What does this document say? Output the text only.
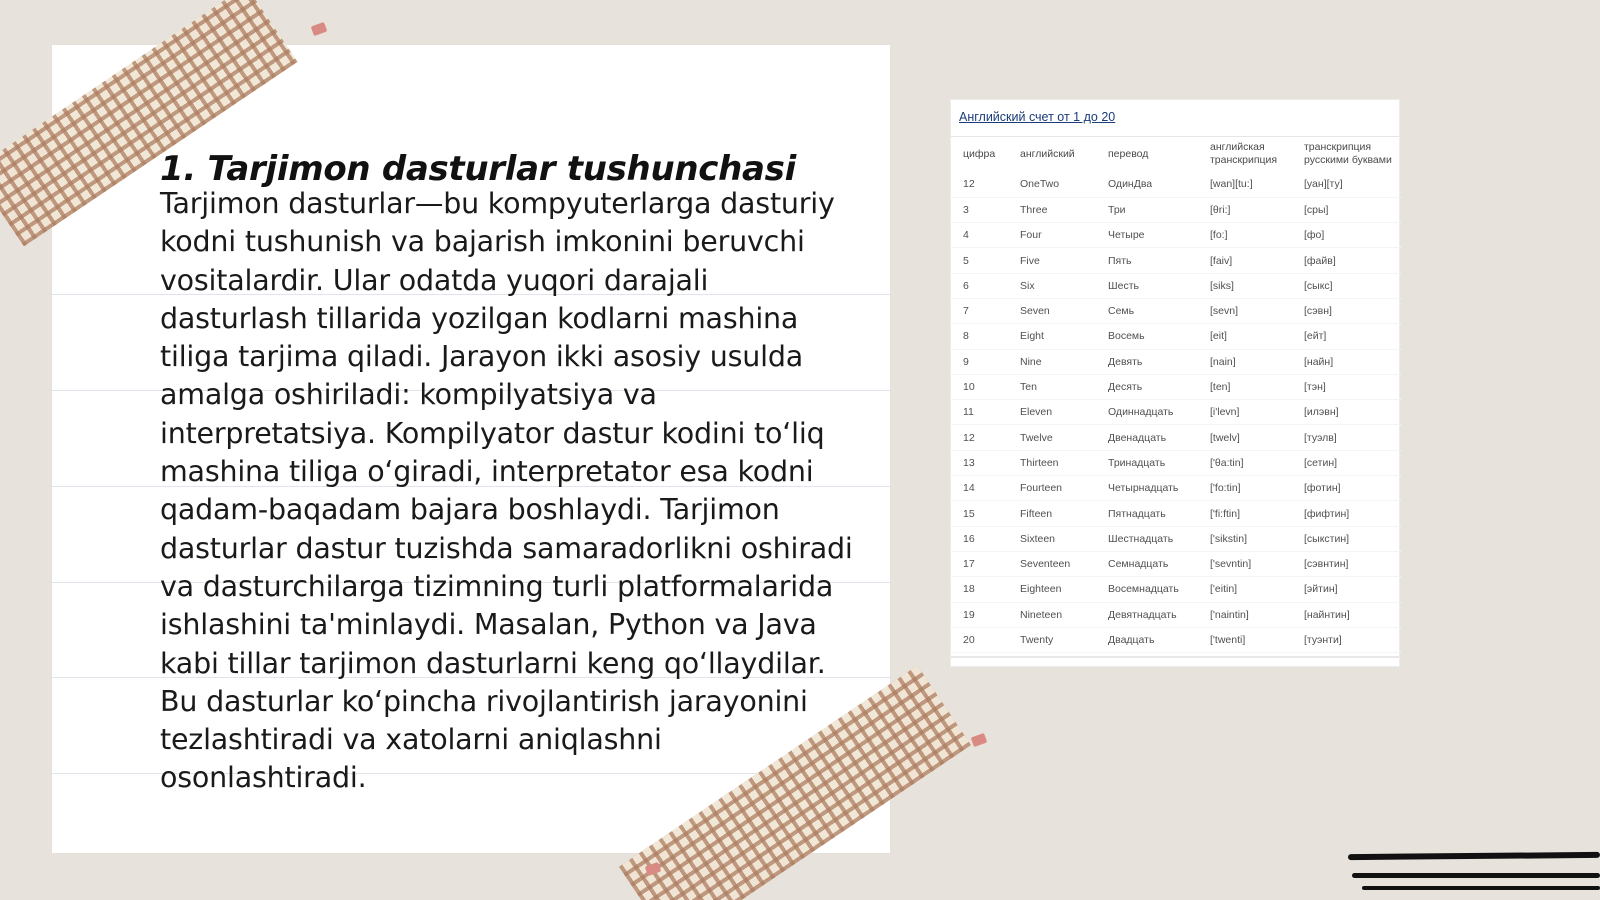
1. Tarjimon dasturlar tushunchasi

Tarjimon dasturlar—bu kompyuterlarga dasturiy kodni tushunish va bajarish imkonini beruvchi vositalardir. Ular odatda yuqori darajali dasturlash tillarida yozilgan kodlarni mashina tiliga tarjima qiladi. Jarayon ikki asosiy usulda amalga oshiriladi: kompilyatsiya va interpretatsiya. Kompilyator dastur kodini to‘liq mashina tiliga o‘giradi, interpretator esa kodni qadam-baqadam bajara boshlaydi. Tarjimon dasturlar dastur tuzishda samaradorlikni oshiradi va dasturchilarga tizimning turli platformalarida ishlashini ta'minlaydi. Masalan, Python va Java kabi tillar tarjimon dasturlarni keng qo‘llaydilar. Bu dasturlar ko‘pincha rivojlantirish jarayonini tezlashtiradi va xatolarni aniqlashni osonlashtiradi.

Английский счет от 1 до 20
цифра	английский	перевод	английская транскрипция	транскрипция русскими буквами
12	OneTwo	ОдинДва	[wan][tu:]	[уан][ту]
3	Three	Три	[θri:]	[сры]
4	Four	Четыре	[fo:]	[фо]
5	Five	Пять	[faiv]	[файв]
6	Six	Шесть	[siks]	[сыкс]
7	Seven	Семь	[sevn]	[сэвн]
8	Eight	Восемь	[eit]	[ейт]
9	Nine	Девять	[nain]	[найн]
10	Ten	Десять	[ten]	[тэн]
11	Eleven	Одиннадцать	[i'levn]	[илэвн]
12	Twelve	Двенадцать	[twelv]	[туэлв]
13	Thirteen	Тринадцать	['θa:tin]	[сетин]
14	Fourteen	Четырнадцать	['fo:tin]	[фотин]
15	Fifteen	Пятнадцать	['fi:ftin]	[фифтин]
16	Sixteen	Шестнадцать	['sikstin]	[сыкстин]
17	Seventeen	Семнадцать	['sevntin]	[сэвнтин]
18	Eighteen	Восемнадцать	['eitin]	[эйтин]
19	Nineteen	Девятнадцать	['naintin]	[найнтин]
20	Twenty	Двадцать	['twenti]	[туэнти]
